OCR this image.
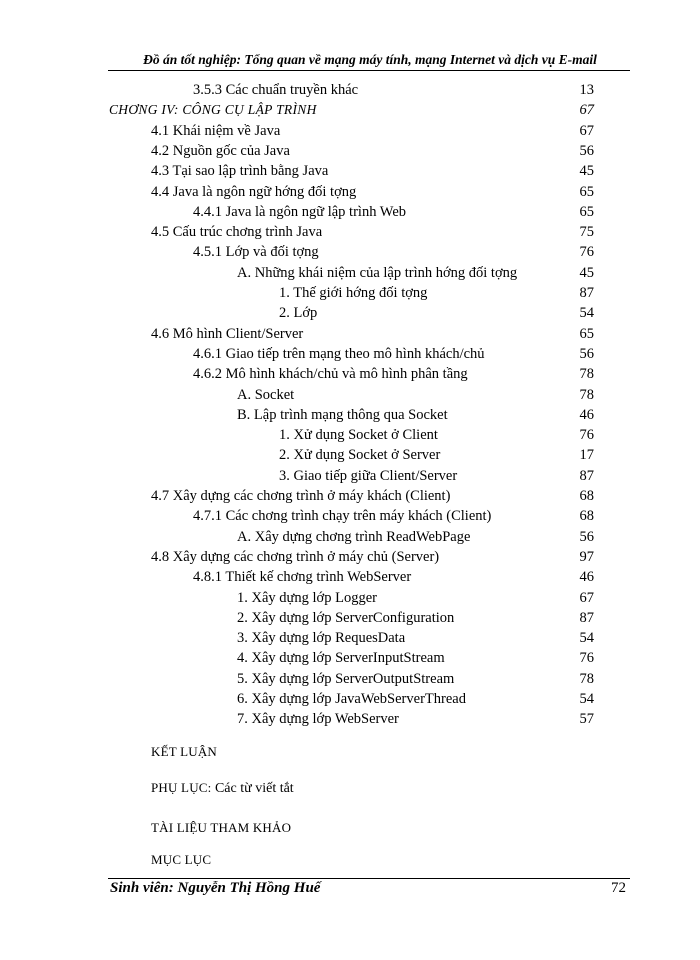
Đồ án tốt nghiệp: Tổng quan về mạng máy tính, mạng Internet và dịch vụ E-mail
3.5.3 Các chuẩn truyền khác	13
CHƠNG IV: CÔNG CỤ LẬP TRÌNH	67
4.1 Khái niệm về Java	67
4.2 Nguồn gốc của Java	56
4.3 Tại sao lập trình bằng Java	45
4.4 Java là ngôn ngữ hớng đối tợng	65
4.4.1 Java là ngôn ngữ lập trình Web	65
4.5 Cấu trúc chơng trình Java	75
4.5.1 Lớp và đối tợng	76
A. Những khái niệm của lập trình hớng đối tợng	45
1. Thế giới hớng đối tợng	87
2. Lớp	54
4.6 Mô hình Client/Server	65
4.6.1 Giao tiếp trên mạng theo mô hình khách/chủ	56
4.6.2 Mô hình khách/chủ và mô hình phân tầng	78
A. Socket	78
B. Lập trình mạng thông qua Socket	46
1. Xử dụng Socket ở Client	76
2. Xử dụng Socket ở Server	17
3. Giao tiếp giữa Client/Server	87
4.7 Xây dựng các chơng trình ở máy khách (Client)	68
4.7.1 Các chơng trình chạy trên máy khách (Client)	68
A. Xây dựng chơng trình ReadWebPage	56
4.8 Xây dựng các chơng trình ở máy chủ (Server)	97
4.8.1 Thiết kế chơng trình WebServer	46
1. Xây dựng lớp Logger	67
2. Xây dựng lớp ServerConfiguration	87
3. Xây dựng lớp RequesData	54
4. Xây dựng lớp ServerInputStream	76
5. Xây dựng lớp ServerOutputStream	78
6. Xây dựng lớp JavaWebServerThread	54
7. Xây dựng lớp WebServer	57
KẾT LUẬN
PHỤ LỤC: Các từ viết tắt
TÀI LIỆU THAM KHẢO
MỤC LỤC
Sinh viên: Nguyễn Thị Hồng Huế	72
